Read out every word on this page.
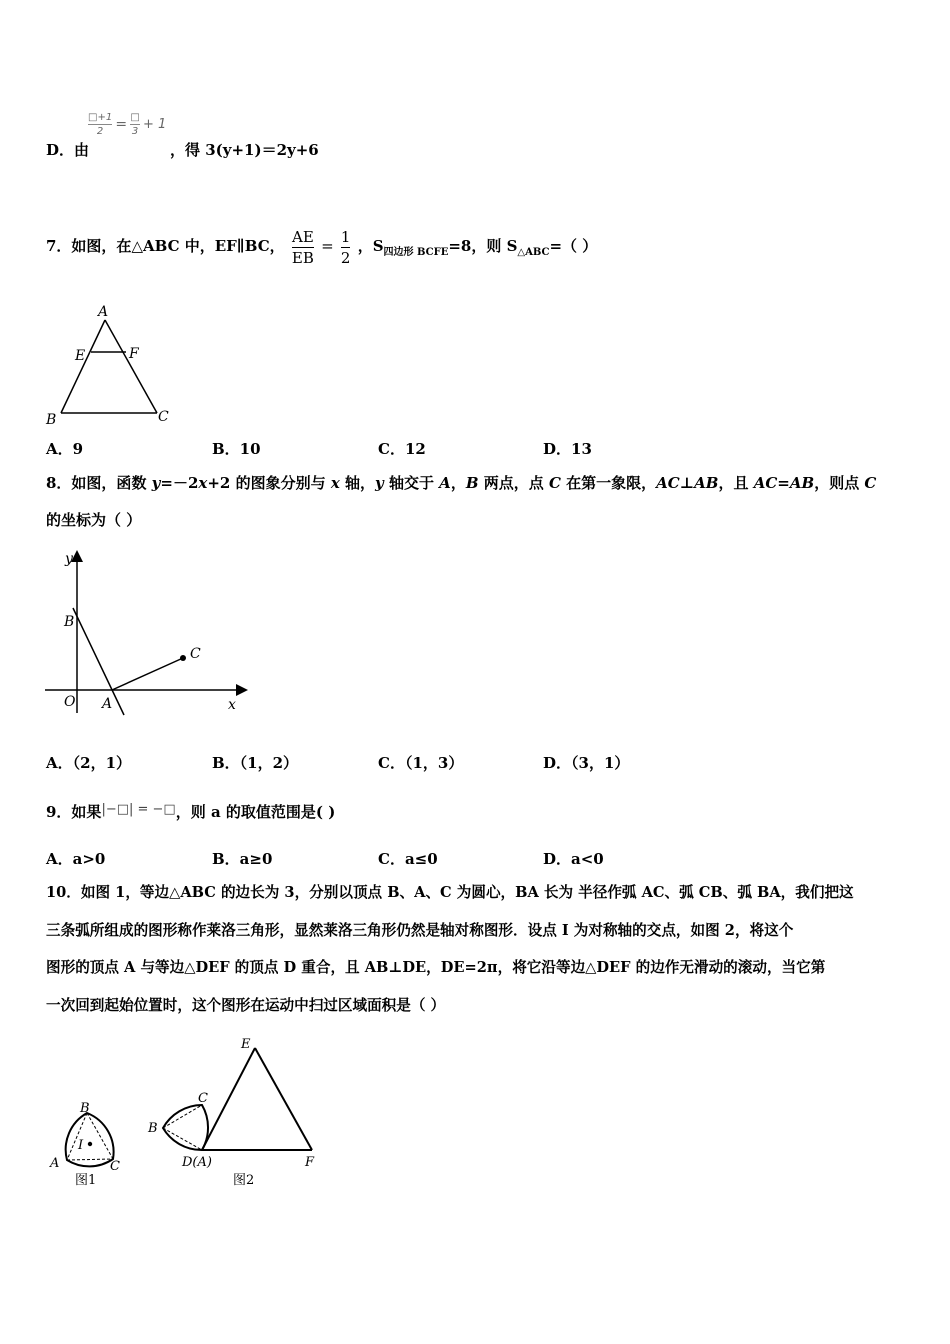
$\frac{□+1}{2} = \frac{□}{3} + 1$
D．由	，得 3(y+1)＝2y+6
7．如图，在△ABC 中，EF∥BC， $\frac{AE}{EB} = \frac{1}{2}$ ，$S_{四边形 BCFE}=8$，则 $S_{\triangle ABC}=$（ ）
A
E	F
B	C
A．9	B．10	C．12	D．13
8．如图，函数 y=－2x+2 的图象分别与 x 轴，y 轴交于 A，B 两点，点 C 在第一象限，AC⊥AB，且 AC=AB，则点 C
的坐标为（ ）
y
B
C
O A	x
A．（2，1）	B．（1，2）	C．（1，3）	D．（3，1）
9．如果|−□| = −□，则 a 的取值范围是( )
A．a>0	B．a≥0	C．a≤0	D．a<0
10．如图 1，等边△ABC 的边长为 3，分别以顶点 B、A、C 为圆心，BA 长为 半径作弧 AC、弧 CB、弧 BA，我们把这
三条弧所组成的图形称作莱洛三角形，显然莱洛三角形仍然是轴对称图形．设点 I 为对称轴的交点，如图 2，将这个
图形的顶点 A 与等边△DEF 的顶点 D 重合，且 AB⊥DE，DE=2π，将它沿等边△DEF 的边作无滑动的滚动，当它第
一次回到起始位置时，这个图形在运动中扫过区域面积是（ ）
B
I
A	C
图1
E
C
B
D(A)	F
图2
